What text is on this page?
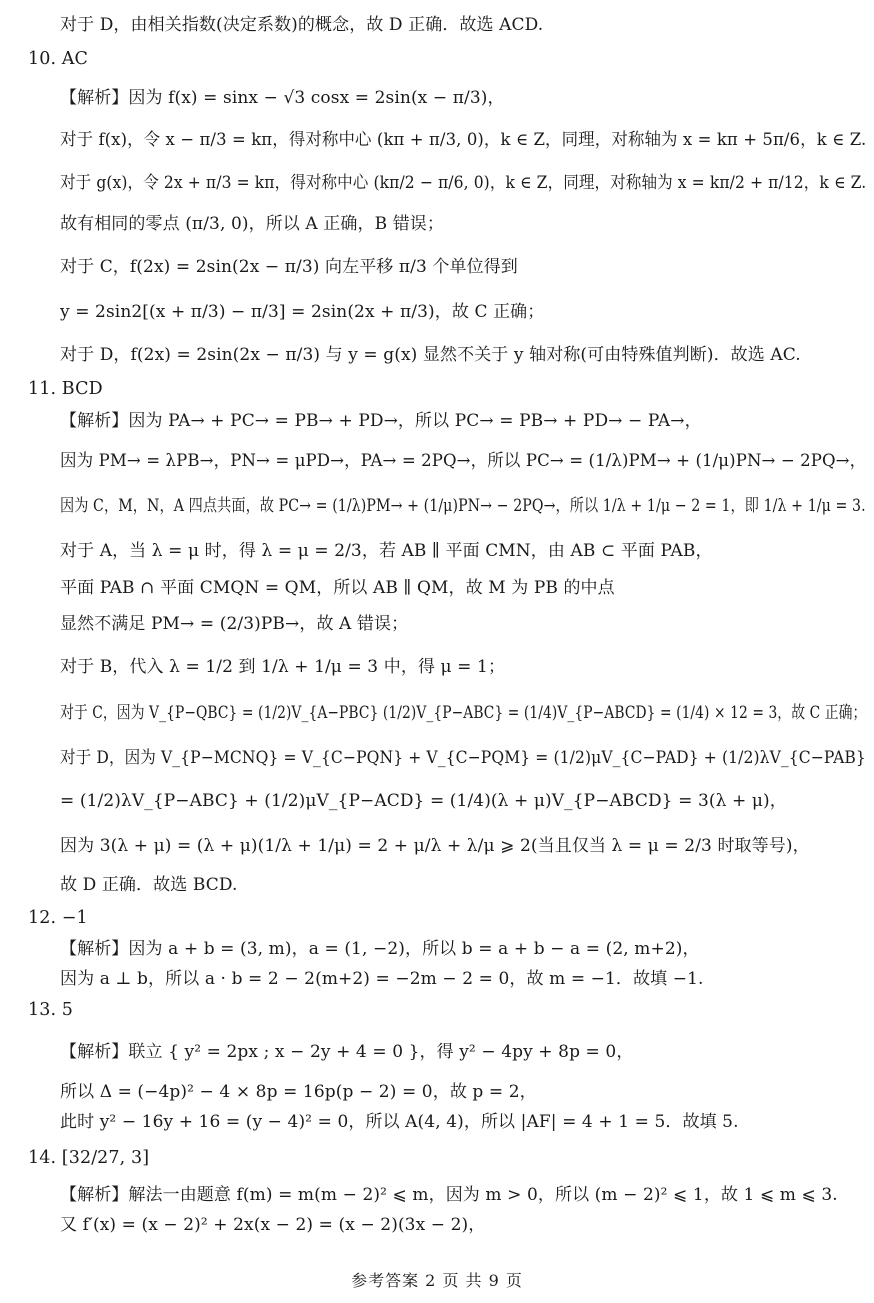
对于 D，由相关指数(决定系数)的概念，故 D 正确．故选 ACD.
10. AC
【解析】因为 f(x) = sinx − √3 cosx = 2sin(x − π/3)，
对于 f(x)，令 x − π/3 = kπ，得对称中心 (kπ + π/3, 0)，k ∈ Z，同理，对称轴为 x = kπ + 5π/6，k ∈ Z.
对于 g(x)，令 2x + π/3 = kπ，得对称中心 (kπ/2 − π/6, 0)，k ∈ Z，同理，对称轴为 x = kπ/2 + π/12，k ∈ Z.
故有相同的零点 (π/3, 0)，所以 A 正确，B 错误；
对于 C，f(2x) = 2sin(2x − π/3) 向左平移 π/3 个单位得到
y = 2sin2[(x + π/3) − π/3] = 2sin(2x + π/3)，故 C 正确；
对于 D，f(2x) = 2sin(2x − π/3) 与 y = g(x) 显然不关于 y 轴对称(可由特殊值判断)．故选 AC.
11. BCD
【解析】因为 PA→ + PC→ = PB→ + PD→，所以 PC→ = PB→ + PD→ − PA→，
因为 PM→ = λPB→，PN→ = μPD→，PA→ = 2PQ→，所以 PC→ = (1/λ)PM→ + (1/μ)PN→ − 2PQ→，
因为 C，M，N，A 四点共面，故 PC→ = (1/λ)PM→ + (1/μ)PN→ − 2PQ→，所以 1/λ + 1/μ − 2 = 1，即 1/λ + 1/μ = 3.
对于 A，当 λ = μ 时，得 λ = μ = 2/3，若 AB ∥ 平面 CMN，由 AB ⊂ 平面 PAB，
平面 PAB ∩ 平面 CMQN = QM，所以 AB ∥ QM，故 M 为 PB 的中点
显然不满足 PM→ = (2/3)PB→，故 A 错误；
对于 B，代入 λ = 1/2 到 1/λ + 1/μ = 3 中，得 μ = 1；
对于 C，因为 V_{P−QBC} = (1/2)V_{A−PBC} (1/2)V_{P−ABC} = (1/4)V_{P−ABCD} = (1/4) × 12 = 3，故 C 正确；
对于 D，因为 V_{P−MCNQ} = V_{C−PQN} + V_{C−PQM} = (1/2)μV_{C−PAD} + (1/2)λV_{C−PAB}
= (1/2)λV_{P−ABC} + (1/2)μV_{P−ACD} = (1/4)(λ + μ)V_{P−ABCD} = 3(λ + μ)，
因为 3(λ + μ) = (λ + μ)(1/λ + 1/μ) = 2 + μ/λ + λ/μ ⩾ 2(当且仅当 λ = μ = 2/3 时取等号)，
故 D 正确．故选 BCD.
12. −1
【解析】因为 a + b = (3, m)，a = (1, −2)，所以 b = a + b − a = (2, m+2)，
因为 a ⊥ b，所以 a · b = 2 − 2(m+2) = −2m − 2 = 0，故 m = −1．故填 −1.
13. 5
【解析】联立 { y² = 2px ; x − 2y + 4 = 0 }，得 y² − 4py + 8p = 0，
所以 Δ = (−4p)² − 4 × 8p = 16p(p − 2) = 0，故 p = 2，
此时 y² − 16y + 16 = (y − 4)² = 0，所以 A(4, 4)，所以 |AF| = 4 + 1 = 5．故填 5.
14. [32/27, 3]
【解析】解法一由题意 f(m) = m(m − 2)² ⩽ m，因为 m > 0，所以 (m − 2)² ⩽ 1，故 1 ⩽ m ⩽ 3.
又 f′(x) = (x − 2)² + 2x(x − 2) = (x − 2)(3x − 2)，
参考答案 2 页 共 9 页
